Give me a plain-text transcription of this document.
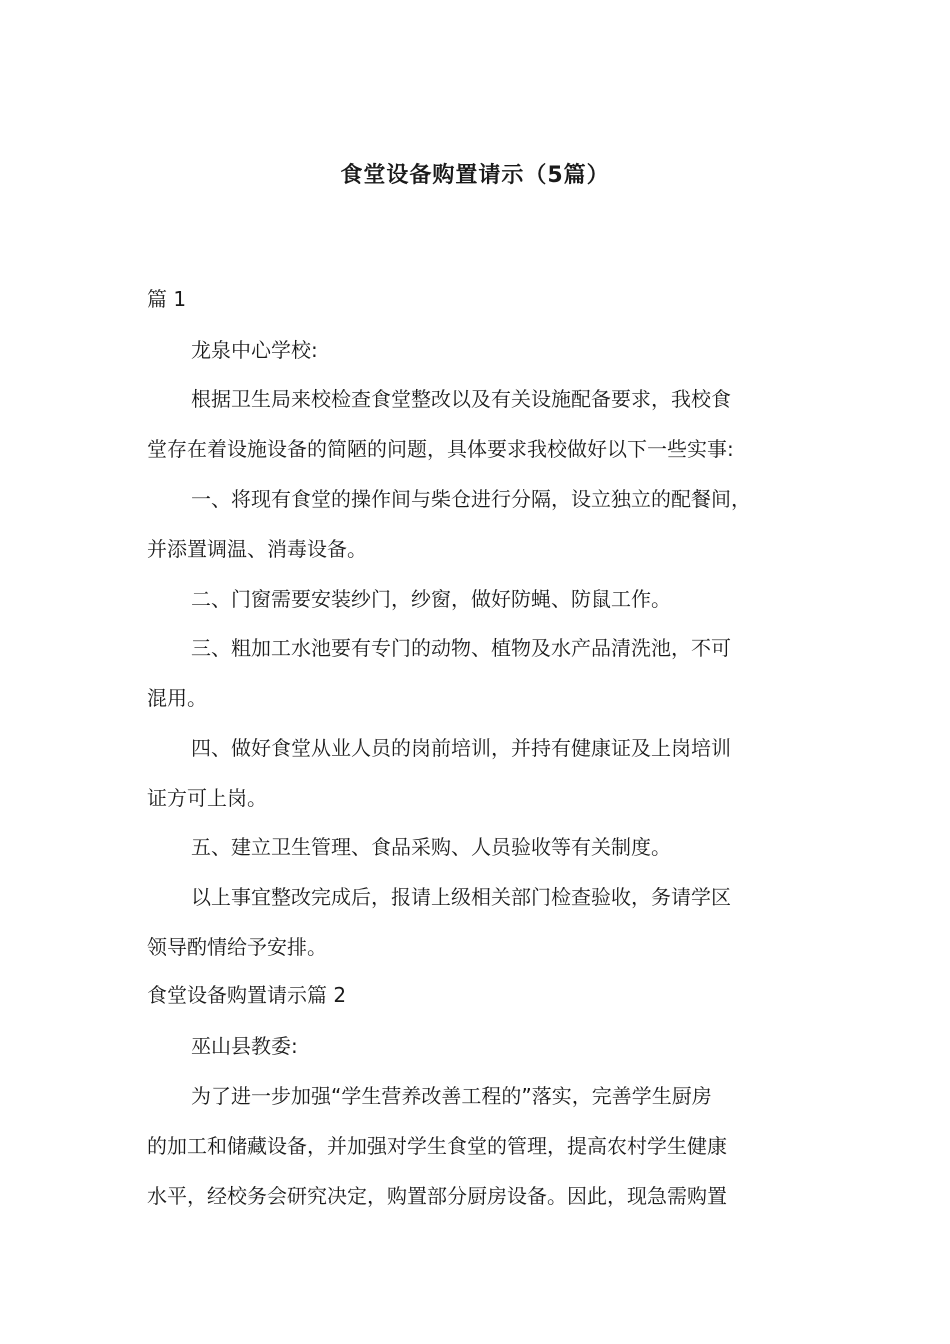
食堂设备购置请示（5篇）
篇 1
龙泉中心学校:
根据卫生局来校检查食堂整改以及有关设施配备要求，我校食
堂存在着设施设备的简陋的问题，具体要求我校做好以下一些实事:
一、将现有食堂的操作间与柴仓进行分隔，设立独立的配餐间，
并添置调温、消毒设备。
二、门窗需要安装纱门，纱窗，做好防蝇、防鼠工作。
三、粗加工水池要有专门的动物、植物及水产品清洗池，不可
混用。
四、做好食堂从业人员的岗前培训，并持有健康证及上岗培训
证方可上岗。
五、建立卫生管理、食品采购、人员验收等有关制度。
以上事宜整改完成后，报请上级相关部门检查验收，务请学区
领导酌情给予安排。
食堂设备购置请示篇 2
巫山县教委:
为了进一步加强“学生营养改善工程的”落实，完善学生厨房
的加工和储藏设备，并加强对学生食堂的管理，提高农村学生健康
水平，经校务会研究决定，购置部分厨房设备。因此，现急需购置
